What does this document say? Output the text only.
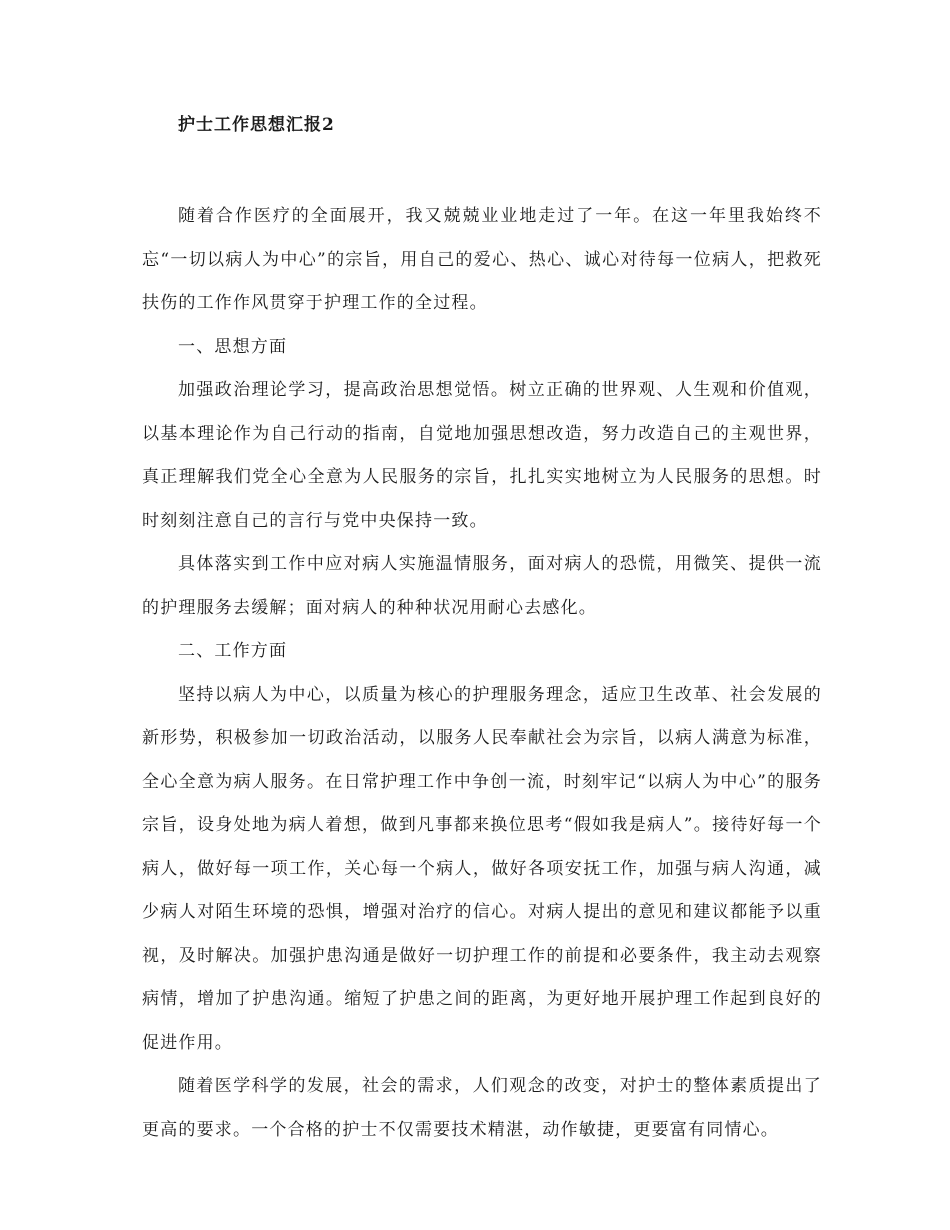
护士工作思想汇报2

随着合作医疗的全面展开，我又兢兢业业地走过了一年。在这一年里我始终不忘“一切以病人为中心”的宗旨，用自己的爱心、热心、诚心对待每一位病人，把救死扶伤的工作作风贯穿于护理工作的全过程。

一、思想方面

加强政治理论学习，提高政治思想觉悟。树立正确的世界观、人生观和价值观，以基本理论作为自己行动的指南，自觉地加强思想改造，努力改造自己的主观世界，真正理解我们党全心全意为人民服务的宗旨，扎扎实实地树立为人民服务的思想。时时刻刻注意自己的言行与党中央保持一致。

具体落实到工作中应对病人实施温情服务，面对病人的恐慌，用微笑、提供一流的护理服务去缓解；面对病人的种种状况用耐心去感化。

二、工作方面

坚持以病人为中心，以质量为核心的护理服务理念，适应卫生改革、社会发展的新形势，积极参加一切政治活动，以服务人民奉献社会为宗旨，以病人满意为标准，全心全意为病人服务。在日常护理工作中争创一流，时刻牢记“以病人为中心”的服务宗旨，设身处地为病人着想，做到凡事都来换位思考“假如我是病人”。接待好每一个病人，做好每一项工作，关心每一个病人，做好各项安抚工作，加强与病人沟通，减少病人对陌生环境的恐惧，增强对治疗的信心。对病人提出的意见和建议都能予以重视，及时解决。加强护患沟通是做好一切护理工作的前提和必要条件，我主动去观察病情，增加了护患沟通。缩短了护患之间的距离，为更好地开展护理工作起到良好的促进作用。

随着医学科学的发展，社会的需求，人们观念的改变，对护士的整体素质提出了更高的要求。一个合格的护士不仅需要技术精湛，动作敏捷，更要富有同情心。
